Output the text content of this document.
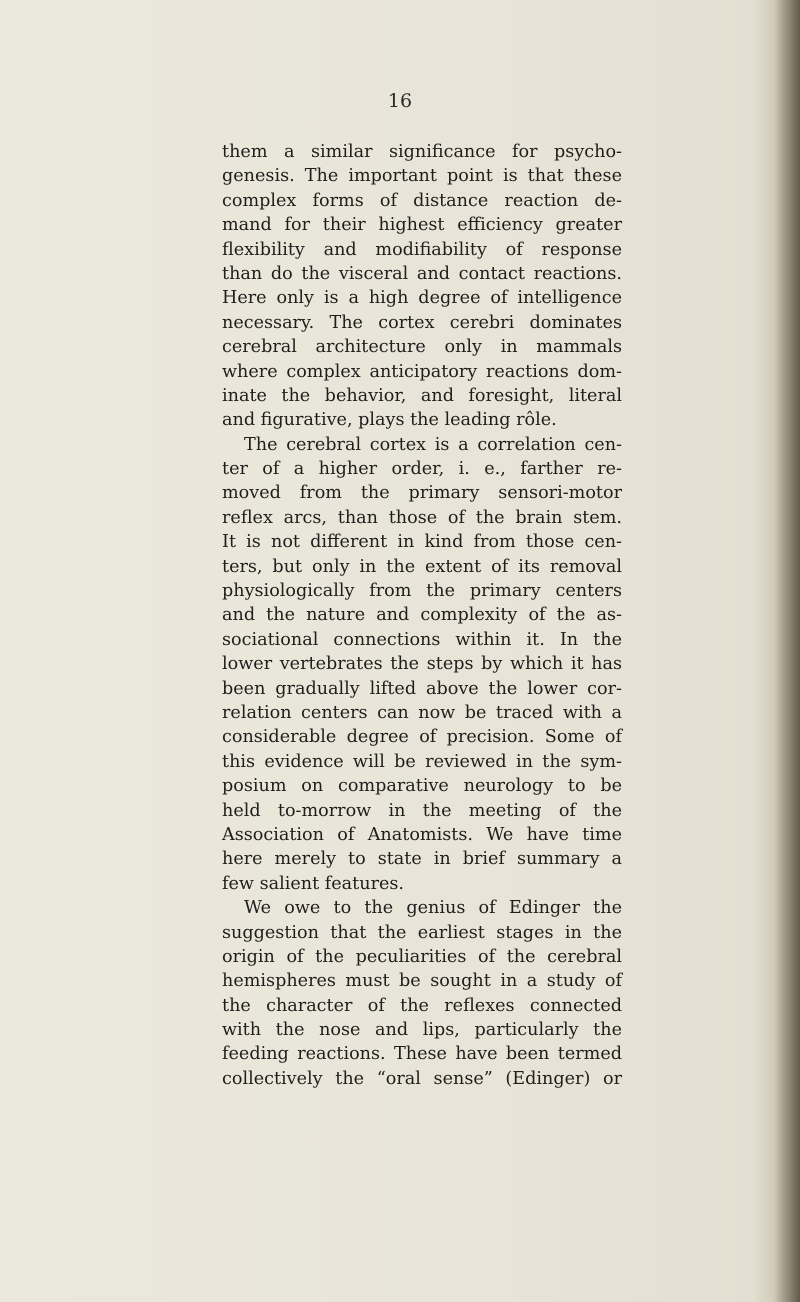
16
them a similar significance for psycho-
genesis. The important point is that these
complex forms of distance reaction de-
mand for their highest efficiency greater
flexibility and modifiability of response
than do the visceral and contact reactions.
Here only is a high degree of intelligence
necessary. The cortex cerebri dominates
cerebral architecture only in mammals
where complex anticipatory reactions dom-
inate the behavior, and foresight, literal
and figurative, plays the leading rôle.
The cerebral cortex is a correlation cen-
ter of a higher order, i. e., farther re-
moved from the primary sensori-motor
reflex arcs, than those of the brain stem.
It is not different in kind from those cen-
ters, but only in the extent of its removal
physiologically from the primary centers
and the nature and complexity of the as-
sociational connections within it. In the
lower vertebrates the steps by which it has
been gradually lifted above the lower cor-
relation centers can now be traced with a
considerable degree of precision. Some of
this evidence will be reviewed in the sym-
posium on comparative neurology to be
held to-morrow in the meeting of the
Association of Anatomists. We have time
here merely to state in brief summary a
few salient features.
We owe to the genius of Edinger the
suggestion that the earliest stages in the
origin of the peculiarities of the cerebral
hemispheres must be sought in a study of
the character of the reflexes connected
with the nose and lips, particularly the
feeding reactions. These have been termed
collectively the “oral sense” (Edinger) or
